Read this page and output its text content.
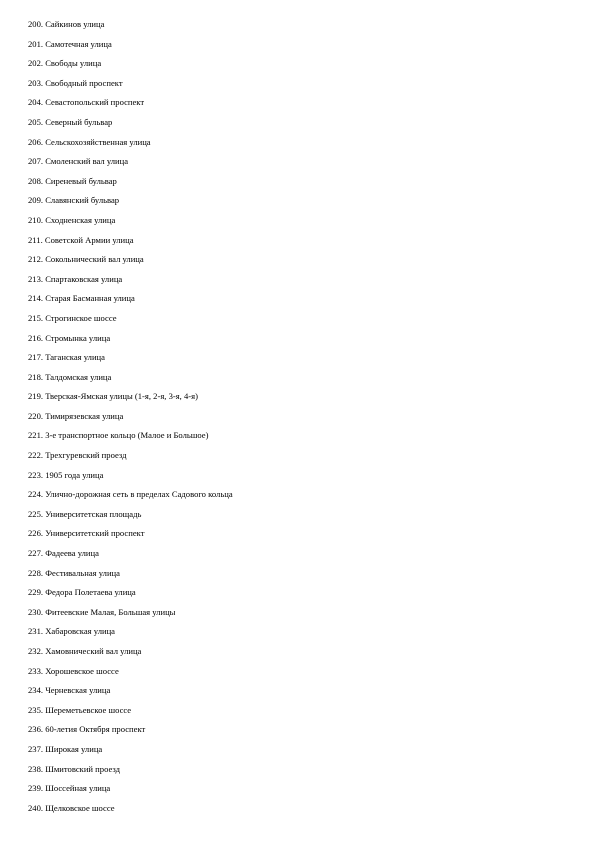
200. Сайкинов улица
201. Самотечная улица
202. Свободы улица
203. Свободный проспект
204. Севастопольский проспект
205. Северный бульвар
206. Сельскохозяйственная улица
207. Смоленский вал улица
208. Сиреневый бульвар
209. Славянский бульвар
210. Сходненская улица
211. Советской Армии улица
212. Сокольнический вал улица
213. Спартаковская улица
214. Старая Басманная улица
215. Строгинское шоссе
216. Стромынка улица
217. Таганская улица
218. Талдомская улица
219. Тверская-Ямская улицы (1-я, 2-я, 3-я, 4-я)
220. Тимирязевская улица
221. 3-е транспортное кольцо (Малое и Большое)
222. Трехгуревский проезд
223. 1905 года улица
224. Улично-дорожная сеть в пределах Садового кольца
225. Университетская площадь
226. Университетский проспект
227. Фадеева улица
228. Фестивальная улица
229. Федора Полетаева улица
230. Фитеевские Малая, Большая улицы
231. Хабаровская улица
232. Хамовнический вал улица
233. Хорошевское шоссе
234. Черневская улица
235. Шереметьевское шоссе
236. 60-летия Октября проспект
237. Широкая улица
238. Шмитовский проезд
239. Шоссейная улица
240. Щелковское шоссе
